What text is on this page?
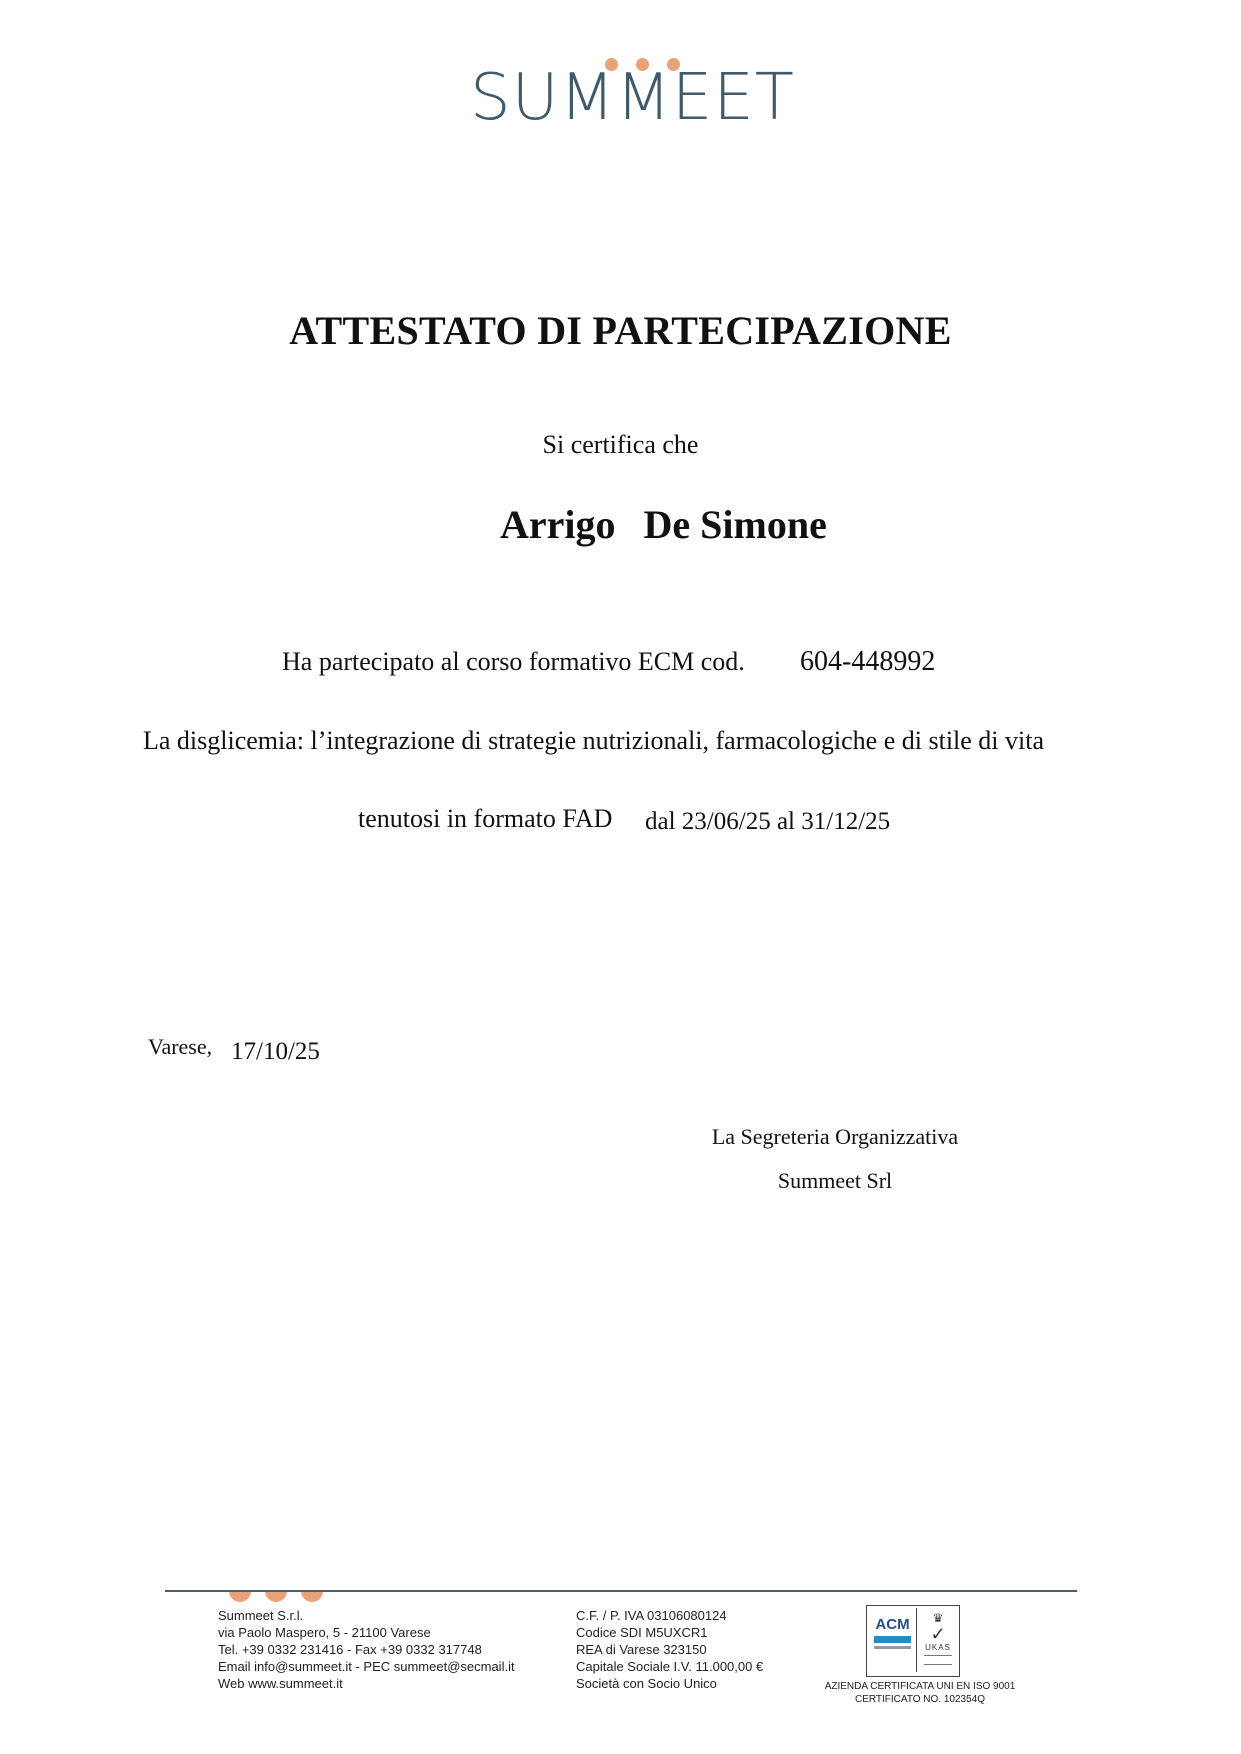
SUMMEET
ATTESTATO DI PARTECIPAZIONE
Si certifica che
Arrigo De Simone
Ha partecipato al corso formativo ECM cod. 604-448992
La disglicemia: l’integrazione di strategie nutrizionali, farmacologiche e di stile di vita
tenutosi in formato FAD dal 23/06/25 al 31/12/25
Varese, 17/10/25
La Segreteria Organizzativa
Summeet Srl
Summeet S.r.l.
via Paolo Maspero, 5 - 21100 Varese
Tel. +39 0332 231416 - Fax +39 0332 317748
Email info@summeet.it - PEC summeet@secmail.it
Web www.summeet.it
C.F. / P. IVA 03106080124
Codice SDI M5UXCR1
REA di Varese 323150
Capitale Sociale I.V. 11.000,00 €
Società con Socio Unico
ACM	♛
✓
UKAS
AZIENDA CERTIFICATA UNI EN ISO 9001
CERTIFICATO NO. 102354Q
